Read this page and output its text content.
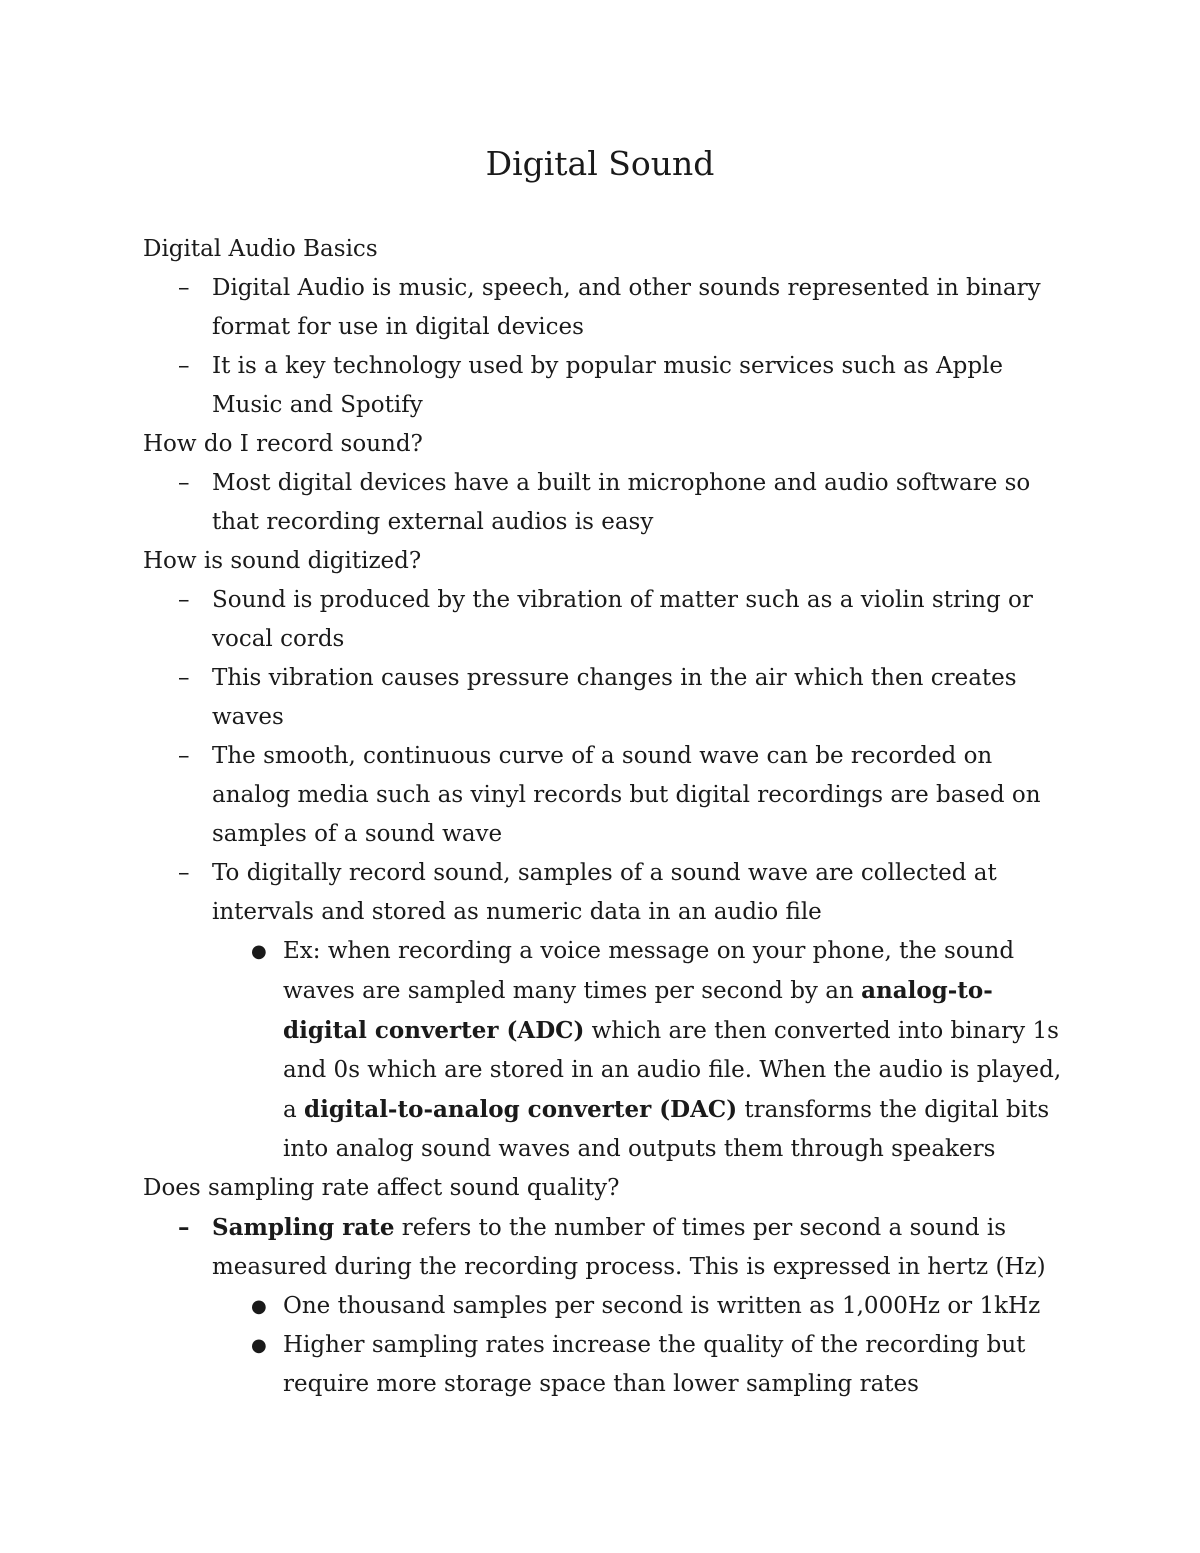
Digital Sound

Digital Audio Basics

– Digital Audio is music, speech, and other sounds represented in binary format for use in digital devices
– It is a key technology used by popular music services such as Apple Music and Spotify

How do I record sound?

– Most digital devices have a built in microphone and audio software so that recording external audios is easy

How is sound digitized?

– Sound is produced by the vibration of matter such as a violin string or vocal cords
– This vibration causes pressure changes in the air which then creates waves
– The smooth, continuous curve of a sound wave can be recorded on analog media such as vinyl records but digital recordings are based on samples of a sound wave
– To digitally record sound, samples of a sound wave are collected at intervals and stored as numeric data in an audio file
● Ex: when recording a voice message on your phone, the sound waves are sampled many times per second by an analog-to-digital converter (ADC) which are then converted into binary 1s and 0s which are stored in an audio file. When the audio is played, a digital-to-analog converter (DAC) transforms the digital bits into analog sound waves and outputs them through speakers

Does sampling rate affect sound quality?

– Sampling rate refers to the number of times per second a sound is measured during the recording process. This is expressed in hertz (Hz)
● One thousand samples per second is written as 1,000Hz or 1kHz
● Higher sampling rates increase the quality of the recording but require more storage space than lower sampling rates
